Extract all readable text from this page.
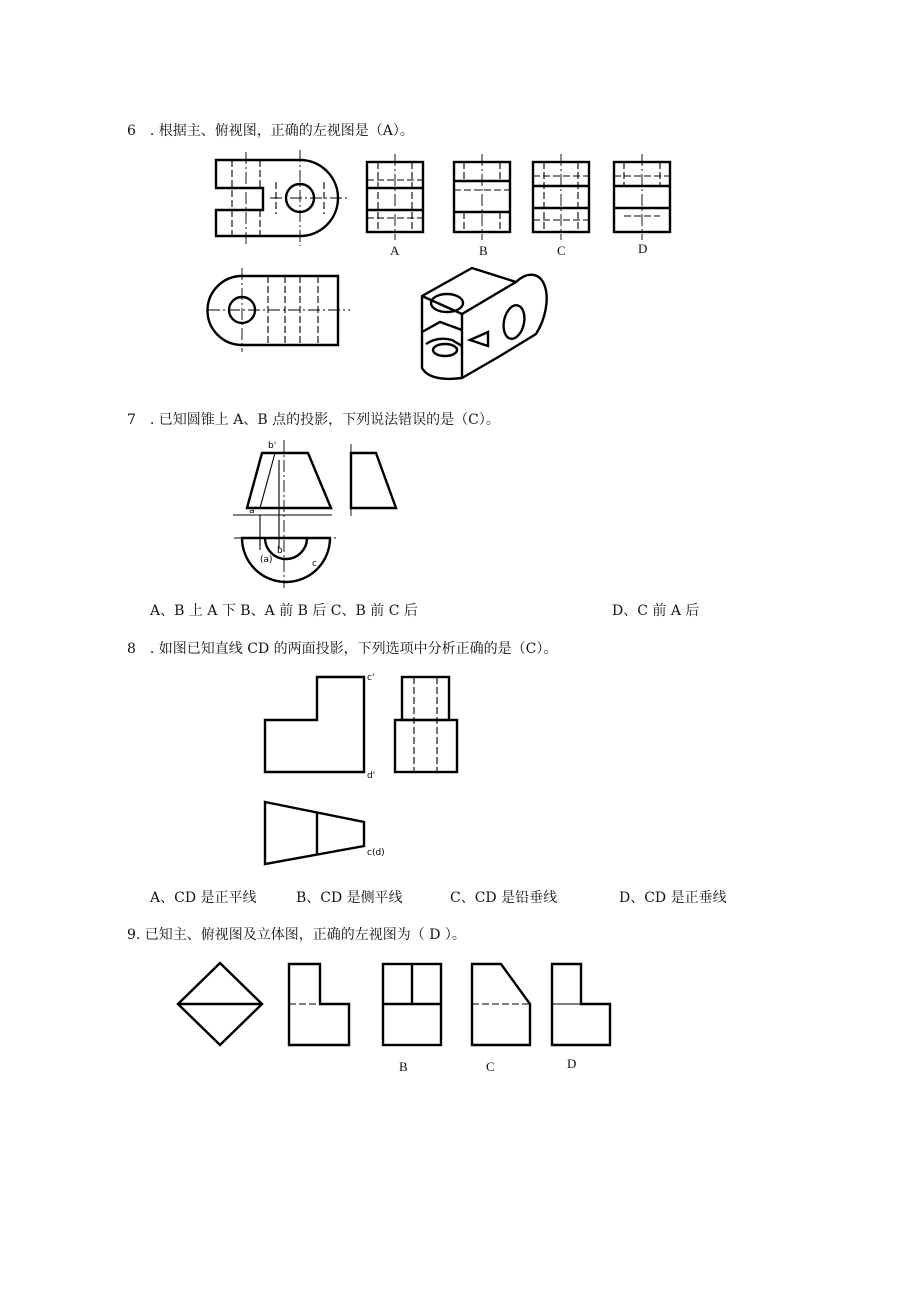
6　. 根据主、俯视图，正确的左视图是（A）。
7　. 已知圆锥上 A、B 点的投影，下列说法错误的是（C）。
A、B 上 A 下 B、A 前 B 后 C、B 前 C 后	D、C 前 A 后
8　. 如图已知直线 CD 的两面投影，下列选项中分析正确的是（C）。
A、CD 是正平线	B、CD 是侧平线	C、CD 是铅垂线	D、CD 是正垂线
9. 已知主、俯视图及立体图，正确的左视图为（ D ）。
A	B	C	D
B	C	D
b'
a'
(a)
b
c
c'
d'
c(d)
